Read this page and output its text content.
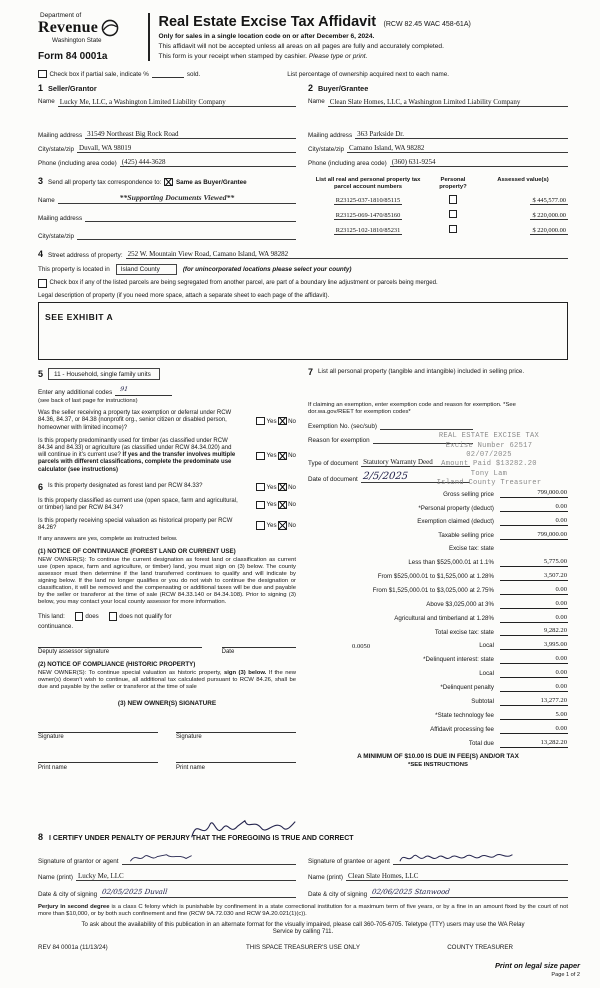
Department of
Revenue
Washington State
Form 84 0001a
Real Estate Excise Tax Affidavit (RCW 82.45 WAC 458-61A)
Only for sales in a single location code on or after December 6, 2024.
This affidavit will not be accepted unless all areas on all pages are fully and accurately completed.
This form is your receipt when stamped by cashier. Please type or print.
Check box if partial sale, indicate %	sold.	List percentage of ownership acquired next to each name.
1 Seller/Grantor
Name Lucky Me, LLC, a Washington Limited Liability Company
Mailing address 31549 Northeast Big Rock Road
City/state/zip Duvall, WA 98019
Phone (including area code) (425) 444-3628
2 Buyer/Grantee
Name Clean Slate Homes, LLC, a Washington Limited Liability Company
Mailing address 363 Parkside Dr.
City/state/zip Camano Island, WA 98282
Phone (including area code) (360) 631-9254
3 Send all property tax correspondence to: Same as Buyer/Grantee
Name	**Supporting Documents Viewed**
Mailing address
City/state/zip
List all real and personal property tax parcel account numbers
Personal property?
Assessed value(s)
R23125-037-1810/85115	$ 445,577.00
R23125-069-1470/85160	$ 220,000.00
R23125-102-1810/85231	$ 220,000.00
4 Street address of property: 252 W. Mountain View Road, Camano Island, WA 98282
This property is located in	Island County	(for unincorporated locations please select your county)
Check box if any of the listed parcels are being segregated from another parcel, are part of a boundary line adjustment or parcels being merged.
Legal description of property (if you need more space, attach a separate sheet to each page of the affidavit).
SEE EXHIBIT A
5	11 - Household, single family units
Enter any additional codes	91
(see back of last page for instructions)
Was the seller receiving a property tax exemption or deferral under RCW 84.36, 84.37, or 84.38 (nonprofit org., senior citizen or disabled person, homeowner with limited income)?
Yes No
Is this property predominantly used for timber (as classified under RCW 84.34 and 84.33) or agriculture (as classified under RCW 84.34.020) and will continue in it's current use? If yes and the transfer involves multiple parcels with different classifications, complete the predominate use calculator (see instructions)
Yes No
6 Is this property designated as forest land per RCW 84.33?	Yes No
Is this property classified as current use (open space, farm and agricultural, or timber) land per RCW 84.34?	Yes No
Is this property receiving special valuation as historical property per RCW 84.26?	Yes No
If any answers are yes, complete as instructed below.
(1) NOTICE OF CONTINUANCE (FOREST LAND OR CURRENT USE)
NEW OWNER(S): To continue the current designation as forest land or classification as current use (open space, farm and agriculture, or timber) land, you must sign on (3) below. The county assessor must then determine if the land transferred continues to qualify and will indicate by signing below. If the land no longer qualifies or you do not wish to continue the designation or classification, it will be removed and the compensating or additional taxes will be due and payable by the seller or transferor at the time of sale (RCW 84.33.140 or 84.34.108). Prior to signing (3) below, you may contact your local county assessor for more information.
This land:	does	does not qualify for
continuance.
Deputy assessor signature	Date
(2) NOTICE OF COMPLIANCE (HISTORIC PROPERTY)
NEW OWNER(S): To continue special valuation as historic property, sign (3) below. If the new owner(s) doesn't wish to continue, all additional tax calculated pursuant to RCW 84.26, shall be due and payable by the seller or transferor at the time of sale
(3) NEW OWNER(S) SIGNATURE
Signature	Signature
Print name	Print name
7 List all personal property (tangible and intangible) included in selling price.
If claiming an exemption, enter exemption code and reason for exemption. *See dor.wa.gov/REET for exemption codes*
Exemption No. (sec/sub)
Reason for exemption
REAL ESTATE EXCISE TAX
Excise Number 62517
02/07/2025
Amount Paid $13282.20
Tony Lam
Island County Treasurer
Type of document Statutory Warranty Deed
Date of document 2/5/2025
Gross selling price	799,000.00
*Personal property (deduct)	0.00
Exemption claimed (deduct)	0.00
Taxable selling price	799,000.00
Excise tax: state
Less than $525,000.01 at 1.1%	5,775.00
From $525,000.01 to $1,525,000 at 1.28%	3,507.20
From $1,525,000.01 to $3,025,000 at 2.75%	0.00
Above $3,025,000 at 3%	0.00
Agricultural and timberland at 1.28%	0.00
Total excise tax: state	9,282.20
0.0050	Local	3,995.00
*Delinquent interest: state	0.00
Local	0.00
*Delinquent penalty	0.00
Subtotal	13,277.20
*State technology fee	5.00
Affidavit processing fee	0.00
Total due	13,282.20
A MINIMUM OF $10.00 IS DUE IN FEE(S) AND/OR TAX
*SEE INSTRUCTIONS
8 I CERTIFY UNDER PENALTY OF PERJURY THAT THE FOREGOING IS TRUE AND CORRECT
Signature of grantor or agent
Name (print) Lucky Me, LLC
Date & city of signing 02/05/2025 Duvall
Signature of grantee or agent
Name (print) Clean Slate Homes, LLC
Date & city of signing 02/06/2025 Stanwood
Perjury in second degree is a class C felony which is punishable by confinement in a state correctional institution for a maximum term of five years, or by a fine in an amount fixed by the court of not more than $10,000, or by both such confinement and fine (RCW 9A.72.030 and RCW 9A.20.021(1)(c)).
To ask about the availability of this publication in an alternate format for the visually impaired, please call 360-705-6705. Teletype (TTY) users may use the WA Relay Service by calling 711.
REV 84 0001a (11/13/24)	THIS SPACE TREASURER'S USE ONLY	COUNTY TREASURER
Print on legal size paper
Page 1 of 2
